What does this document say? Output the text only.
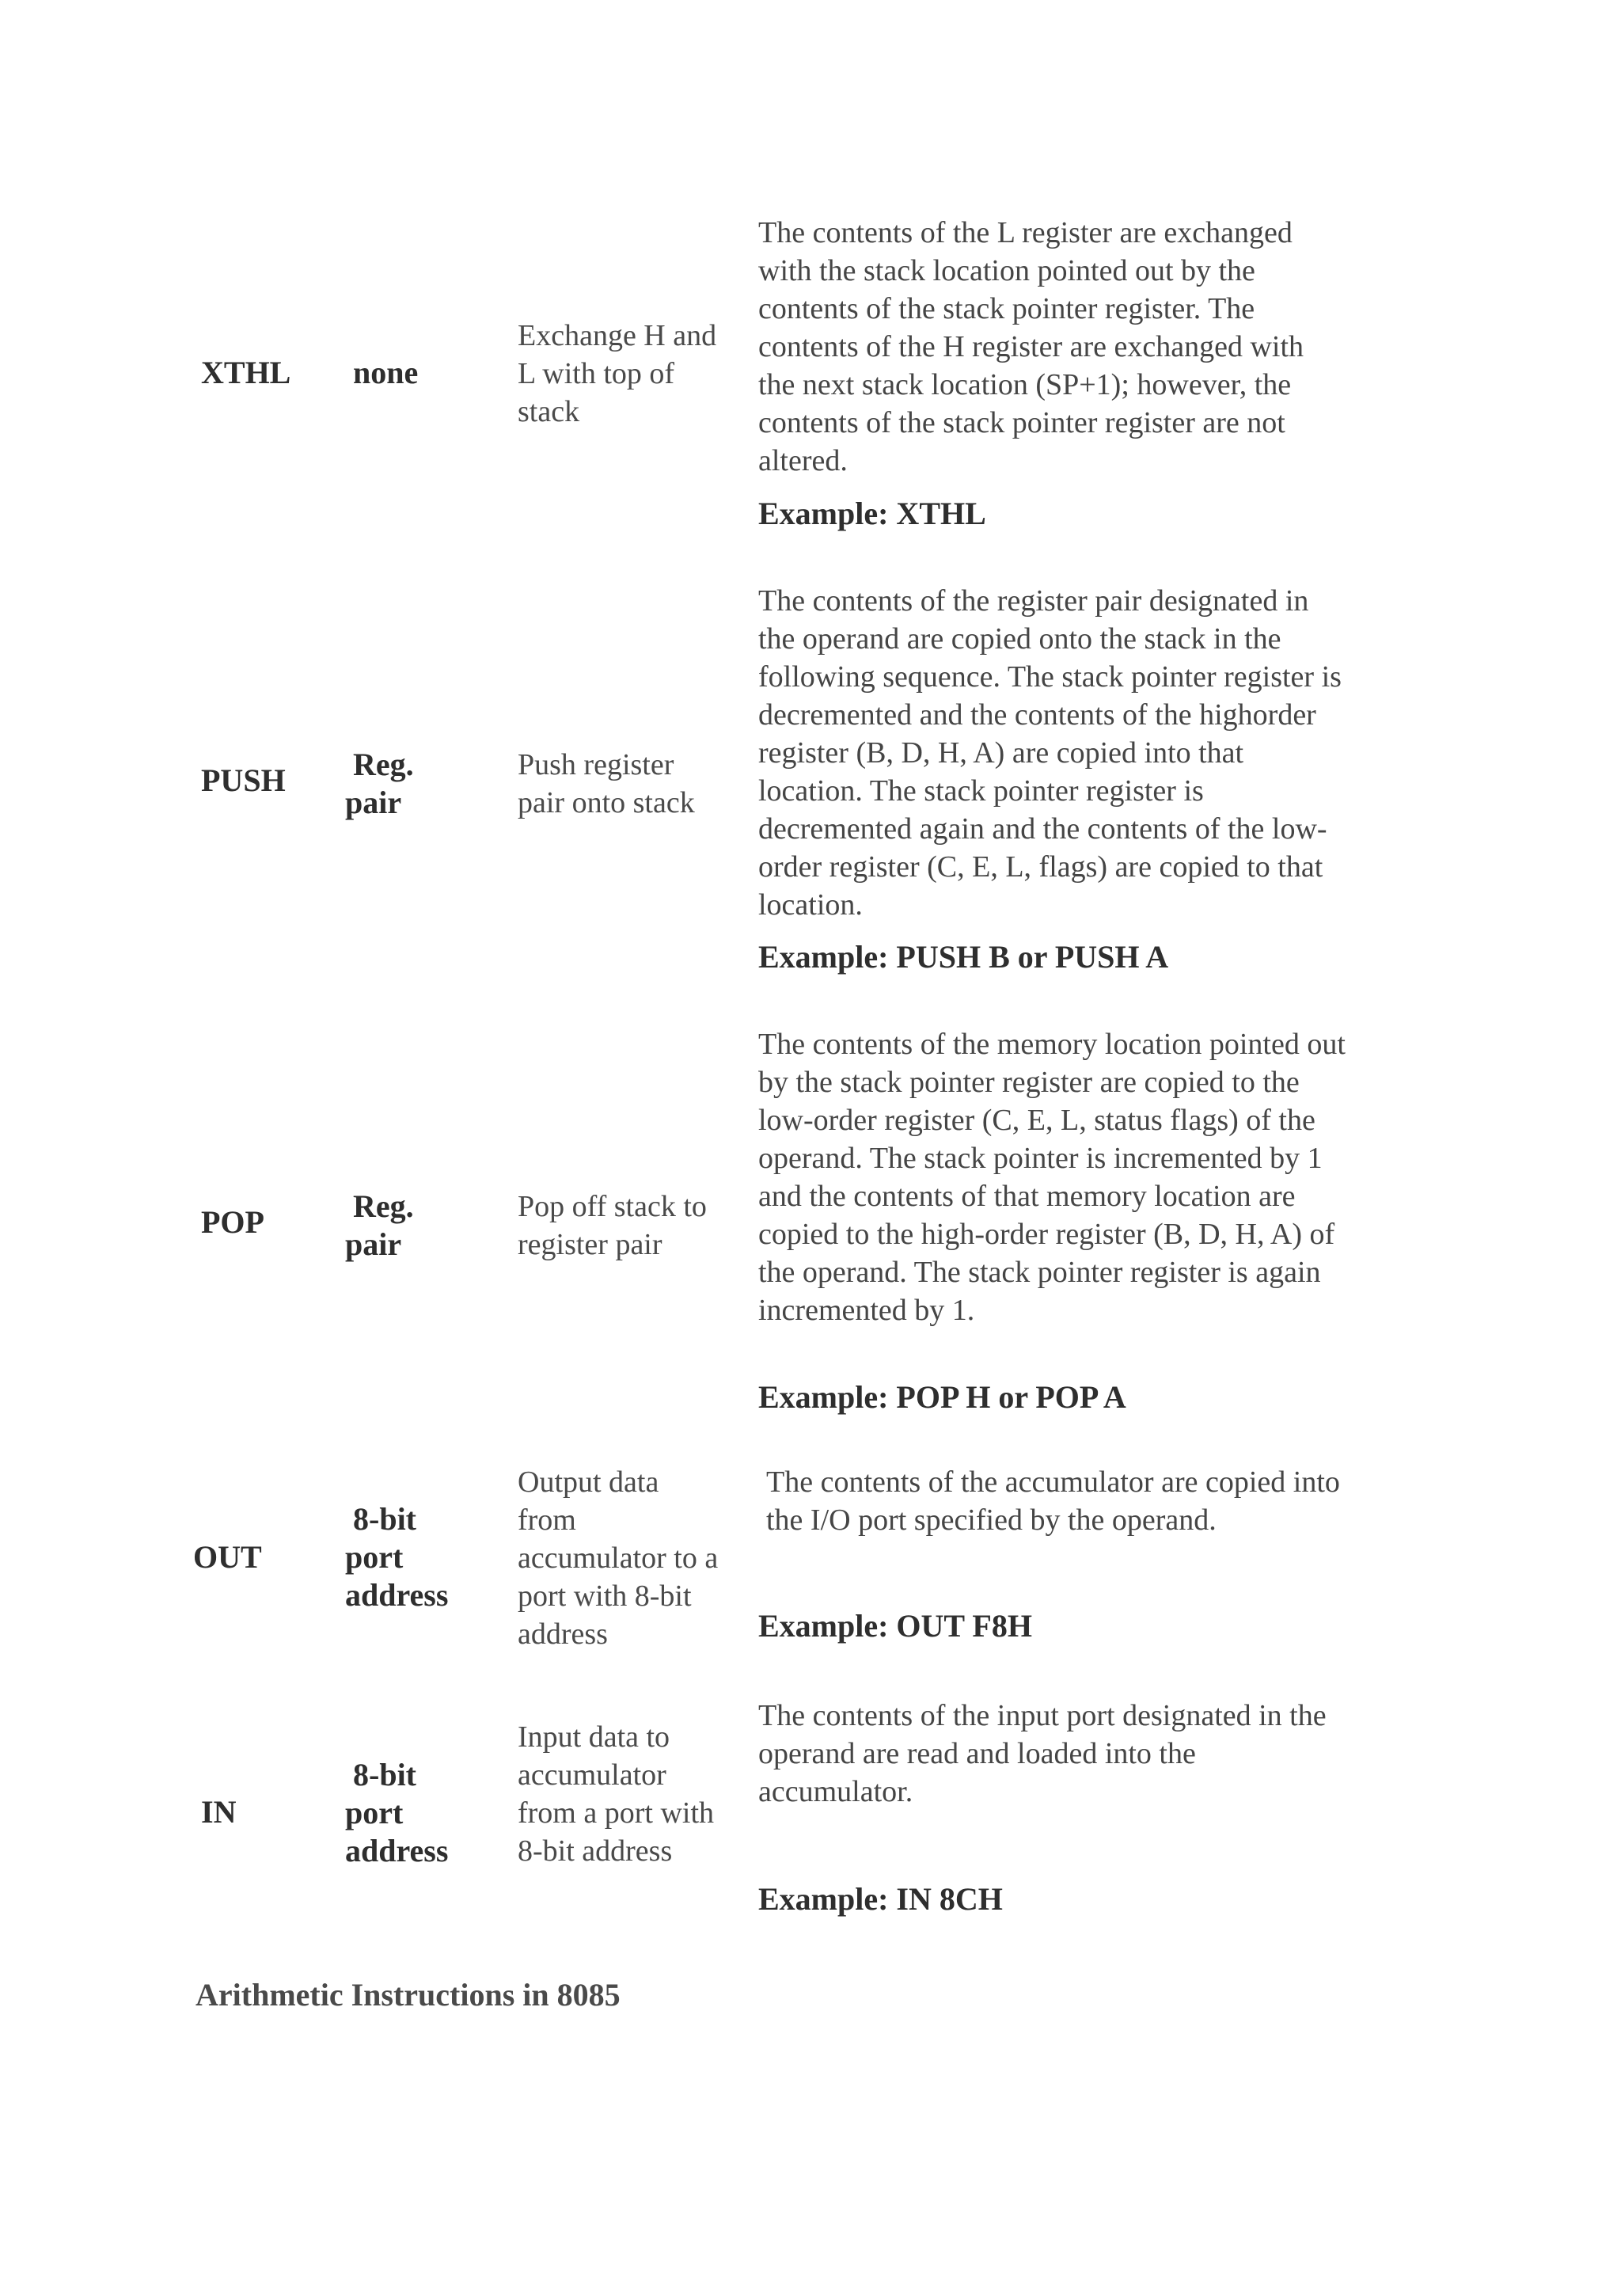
XTHL none
Exchange H and L with top of stack
The contents of the L register are exchanged with the stack location pointed out by the contents of the stack pointer register. The contents of the H register are exchanged with the next stack location (SP+1); however, the contents of the stack pointer register are not altered.
Example: XTHL
PUSH Reg.
pair
Push register pair onto stack
The contents of the register pair designated in the operand are copied onto the stack in the following sequence. The stack pointer register is decremented and the contents of the highorder register (B, D, H, A) are copied into that location. The stack pointer register is decremented again and the contents of the low-order register (C, E, L, flags) are copied to that location.
Example: PUSH B or PUSH A
POP	Reg.
pair
Pop off stack to register pair
The contents of the memory location pointed out by the stack pointer register are copied to the low-order register (C, E, L, status flags) of the operand. The stack pointer is incremented by 1 and the contents of that memory location are copied to the high-order register (B, D, H, A) of the operand. The stack pointer register is again incremented by 1.
Example: POP H or POP A
OUT
8-bit
port
address
Output data from accumulator to a port with 8-bit address
The contents of the accumulator are copied into the I/O port specified by the operand.
Example: OUT F8H
IN
8-bit
port
address
Input data to accumulator from a port with 8-bit address
The contents of the input port designated in the operand are read and loaded into the accumulator.
Example: IN 8CH
Arithmetic Instructions in 8085
